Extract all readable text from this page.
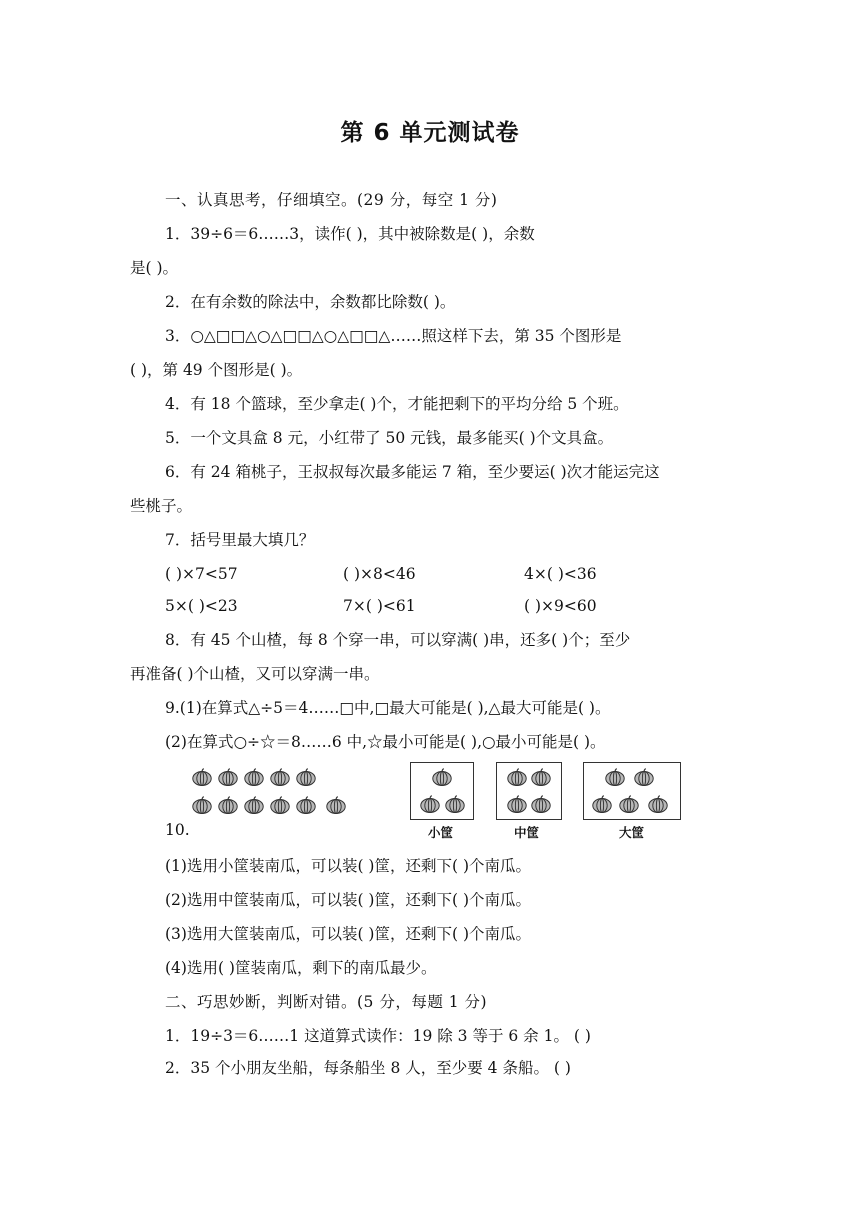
第 6 单元测试卷
一、认真思考，仔细填空。(29 分，每空 1 分)
1．39÷6＝6……3，读作( )，其中被除数是( )，余数
是( )。
2．在有余数的除法中，余数都比除数( )。
3．○△□□△○△□□△○△□□△……照这样下去，第 35 个图形是
( )，第 49 个图形是( )。
4．有 18 个篮球，至少拿走( )个，才能把剩下的平均分给 5 个班。
5．一个文具盒 8 元，小红带了 50 元钱，最多能买( )个文具盒。
6．有 24 箱桃子，王叔叔每次最多能运 7 箱，至少要运( )次才能运完这
些桃子。
7．括号里最大填几？
( )×7<57	( )×8<46	4×( )<36
5×( )<23	7×( )<61	( )×9<60
8．有 45 个山楂，每 8 个穿一串，可以穿满( )串，还多( )个；至少
再准备( )个山楂，又可以穿满一串。
9.(1)在算式△÷5＝4……□中,□最大可能是( ),△最大可能是( )。
(2)在算式○÷☆＝8……6 中,☆最小可能是( ),○最小可能是( )。
小筐	中筐	大筐
10.
(1)选用小筐装南瓜，可以装( )筐，还剩下( )个南瓜。
(2)选用中筐装南瓜，可以装( )筐，还剩下( )个南瓜。
(3)选用大筐装南瓜，可以装( )筐，还剩下( )个南瓜。
(4)选用( )筐装南瓜，剩下的南瓜最少。
二、巧思妙断，判断对错。(5 分，每题 1 分)
1．19÷3＝6……1 这道算式读作：19 除 3 等于 6 余 1。 ( )
2．35 个小朋友坐船，每条船坐 8 人，至少要 4 条船。 ( )
